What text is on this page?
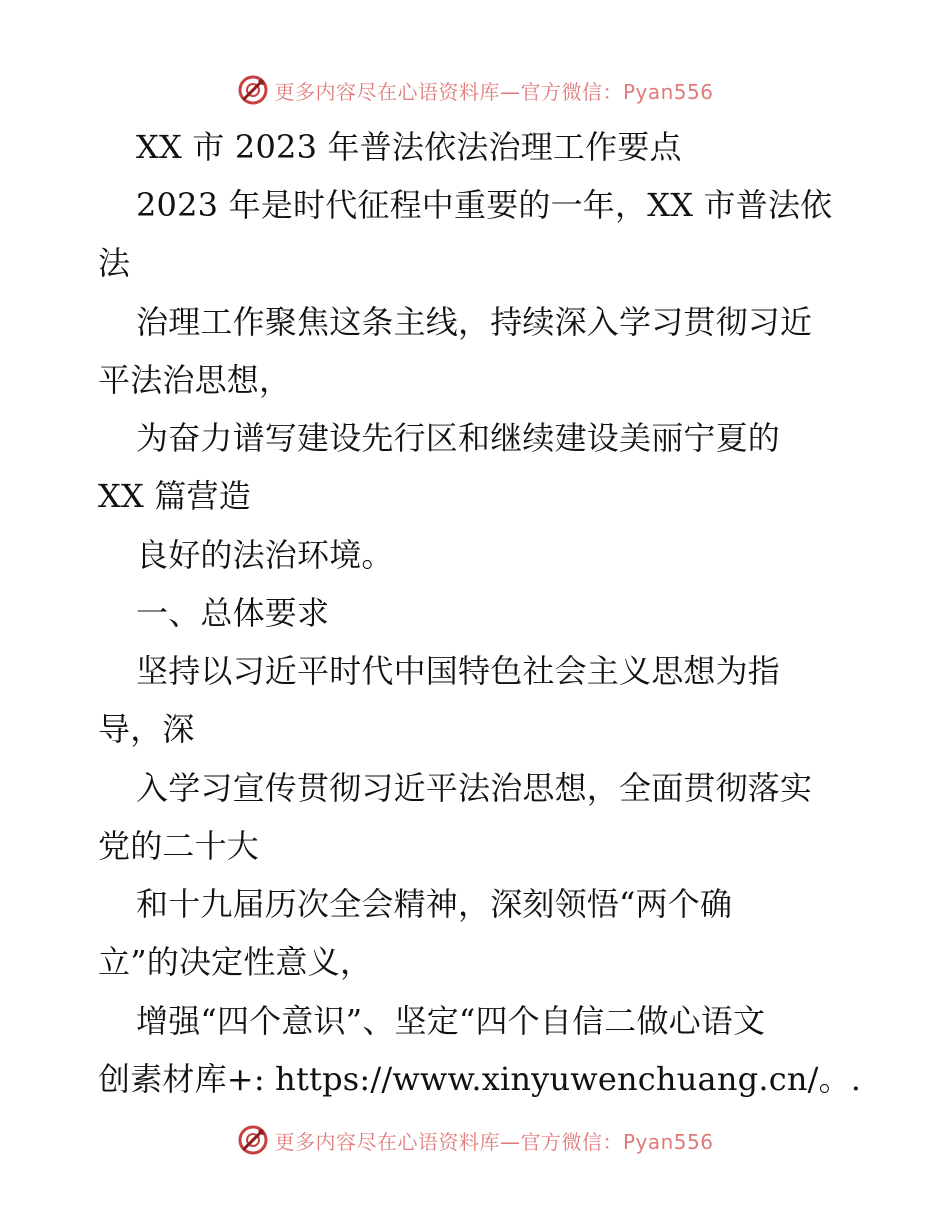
更多内容尽在心语资料库—官方微信：Pyan556
XX 市 2023 年普法依法治理工作要点
2023 年是时代征程中重要的一年，XX 市普法依
法
治理工作聚焦这条主线，持续深入学习贯彻习近
平法治思想，
为奋力谱写建设先行区和继续建设美丽宁夏的
XX 篇营造
良好的法治环境。
一、总体要求
坚持以习近平时代中国特色社会主义思想为指
导，深
入学习宣传贯彻习近平法治思想，全面贯彻落实
党的二十大
和十九届历次全会精神，深刻领悟“两个确
立”的决定性意义，
增强“四个意识”、坚定“四个自信二做心语文
创素材库+: https://www.xinyuwenchuang.cn/。.
更多内容尽在心语资料库—官方微信：Pyan556
